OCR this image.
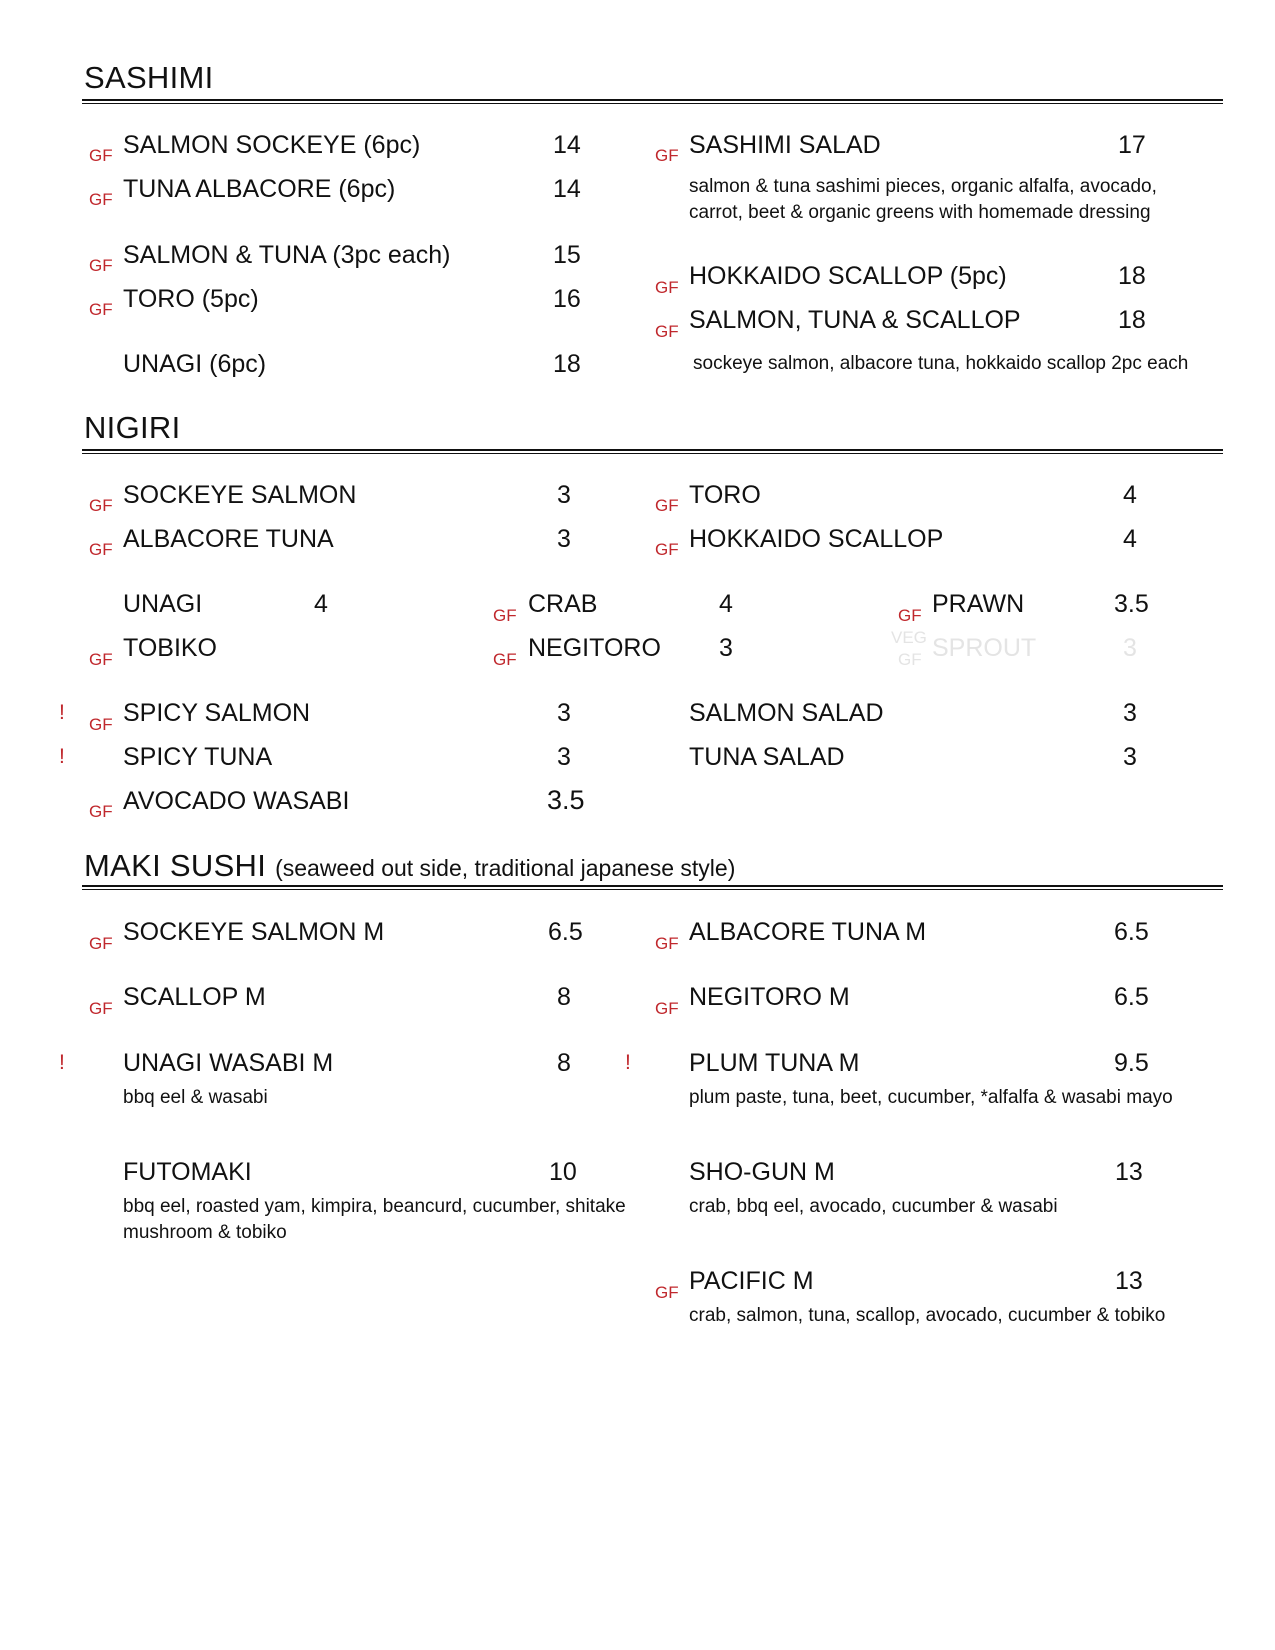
SASHIMI
GF SALMON SOCKEYE (6pc)	14
GF TUNA ALBACORE (6pc)	14
GF SALMON & TUNA (3pc each)	15
GF TORO (5pc)	16
UNAGI (6pc)	18
GF SASHIMI SALAD	17
salmon & tuna sashimi pieces, organic alfalfa, avocado,
carrot, beet & organic greens with homemade dressing
GF HOKKAIDO SCALLOP (5pc)	18
GF SALMON, TUNA & SCALLOP	18
sockeye salmon, albacore tuna, hokkaido scallop 2pc each
NIGIRI
GF SOCKEYE SALMON	3
GF ALBACORE TUNA	3
GF TORO	4
GF HOKKAIDO SCALLOP	4
UNAGI	4
GF TOBIKO
GF CRAB	4
GF NEGITORO 3
GF PRAWN	3.5
VEG
GF SPROUT	3
!
GF SPICY SALMON	3
! SPICY TUNA	3
GF AVOCADO WASABI	3.5
SALMON SALAD	3
TUNA SALAD	3
MAKI SUSHI (seaweed out side, traditional japanese style)
GF SOCKEYE SALMON M	6.5
GF SCALLOP M	8
! UNAGI WASABI M	8
bbq eel & wasabi
FUTOMAKI	10
bbq eel, roasted yam, kimpira, beancurd, cucumber, shitake
mushroom & tobiko
GF ALBACORE TUNA M	6.5
GF NEGITORO M	6.5
! PLUM TUNA M	9.5
plum paste, tuna, beet, cucumber, *alfalfa & wasabi mayo
SHO-GUN M	13
crab, bbq eel, avocado, cucumber & wasabi
GF PACIFIC M	13
crab, salmon, tuna, scallop, avocado, cucumber & tobiko
